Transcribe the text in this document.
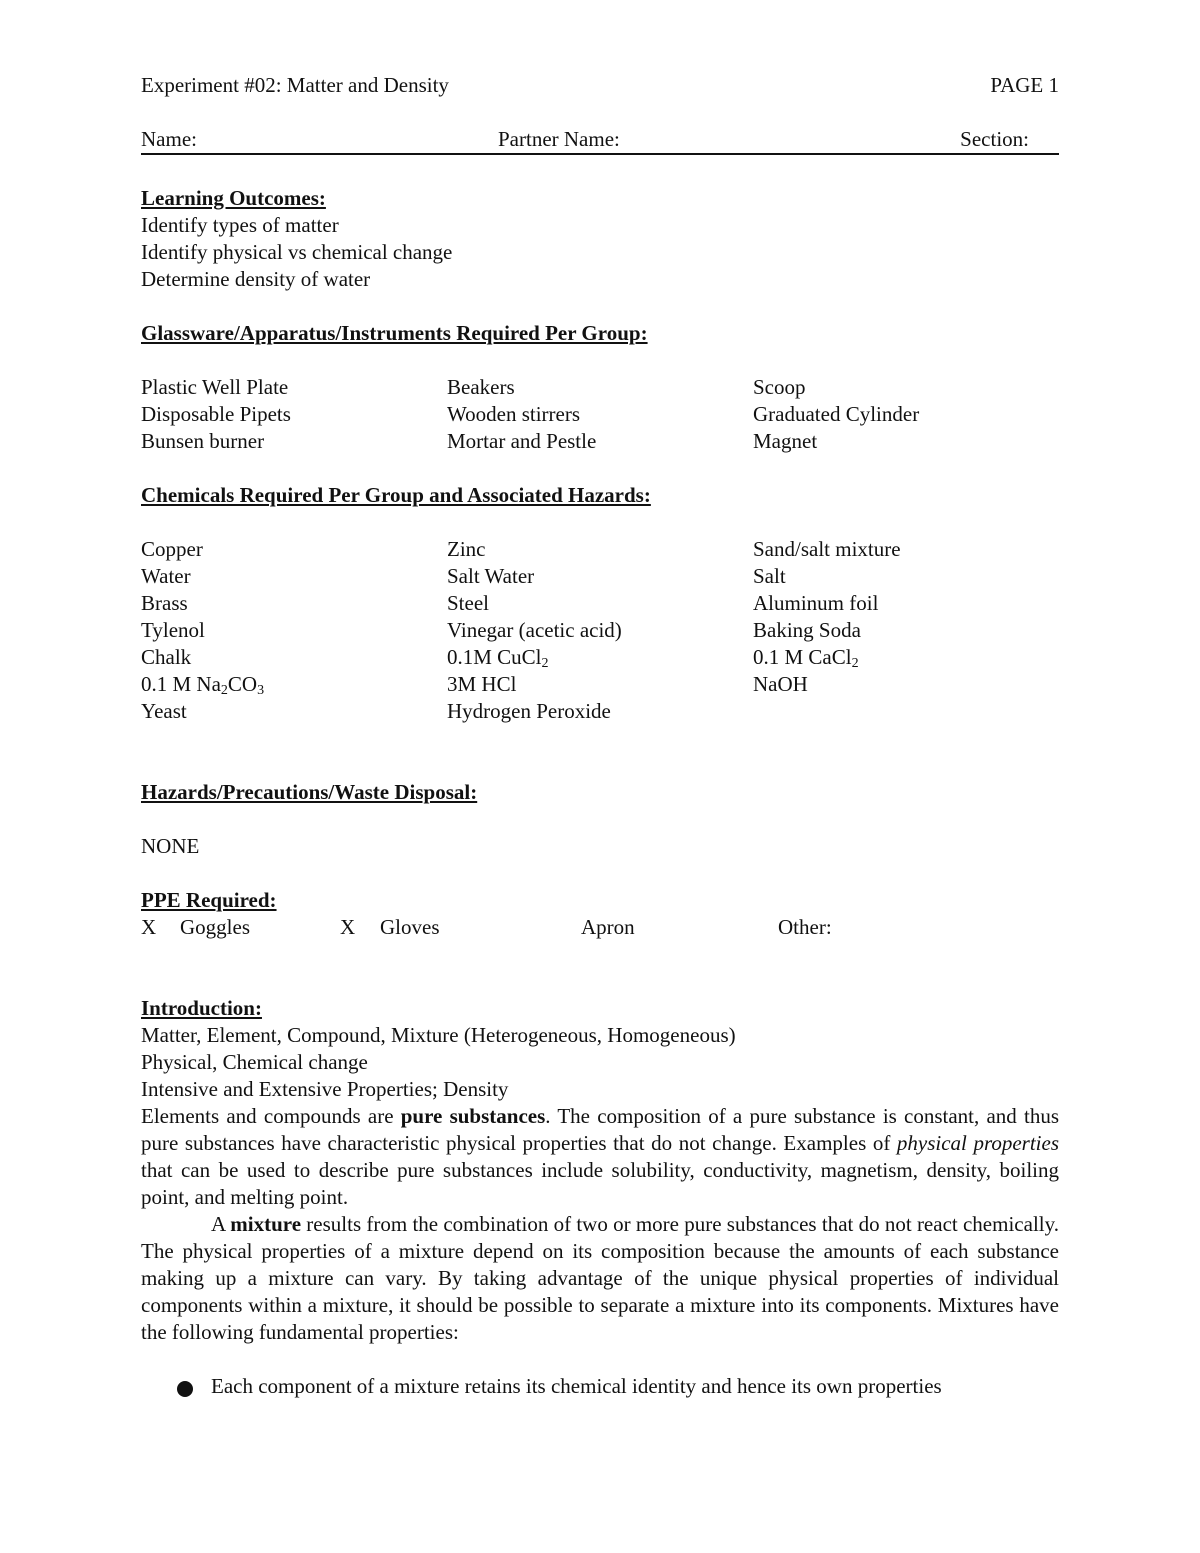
Experiment #02: Matter and Density	PAGE 1
Name:	Partner Name:	Section:
Learning Outcomes:
Identify types of matter
Identify physical vs chemical change
Determine density of water
Glassware/Apparatus/Instruments Required Per Group:
Plastic Well Plate	Beakers	Scoop
Disposable Pipets	Wooden stirrers	Graduated Cylinder
Bunsen burner	Mortar and Pestle	Magnet
Chemicals Required Per Group and Associated Hazards:
Copper	Zinc	Sand/salt mixture
Water	Salt Water	Salt
Brass	Steel	Aluminum foil
Tylenol	Vinegar (acetic acid)	Baking Soda
Chalk	0.1M CuCl$_2$	0.1 M CaCl$_2$
0.1 M $Na_2CO_3$	3M HCl	NaOH
Yeast	Hydrogen Peroxide
Hazards/Precautions/Waste Disposal:
NONE
PPE Required:
X Goggles	X Gloves	Apron	Other:
Introduction:
Matter, Element, Compound, Mixture (Heterogeneous, Homogeneous)
Physical, Chemical change
Intensive and Extensive Properties; Density

Elements and compounds are pure substances. The composition of a pure substance is constant, and thus pure substances have characteristic physical properties that do not change. Examples of physical properties that can be used to describe pure substances include solubility, conductivity, magnetism, density, boiling point, and melting point.

A mixture results from the combination of two or more pure substances that do not react chemically. The physical properties of a mixture depend on its composition because the amounts of each substance making up a mixture can vary. By taking advantage of the unique physical properties of individual components within a mixture, it should be possible to separate a mixture into its components. Mixtures have the following fundamental properties:

Each component of a mixture retains its chemical identity and hence its own properties
